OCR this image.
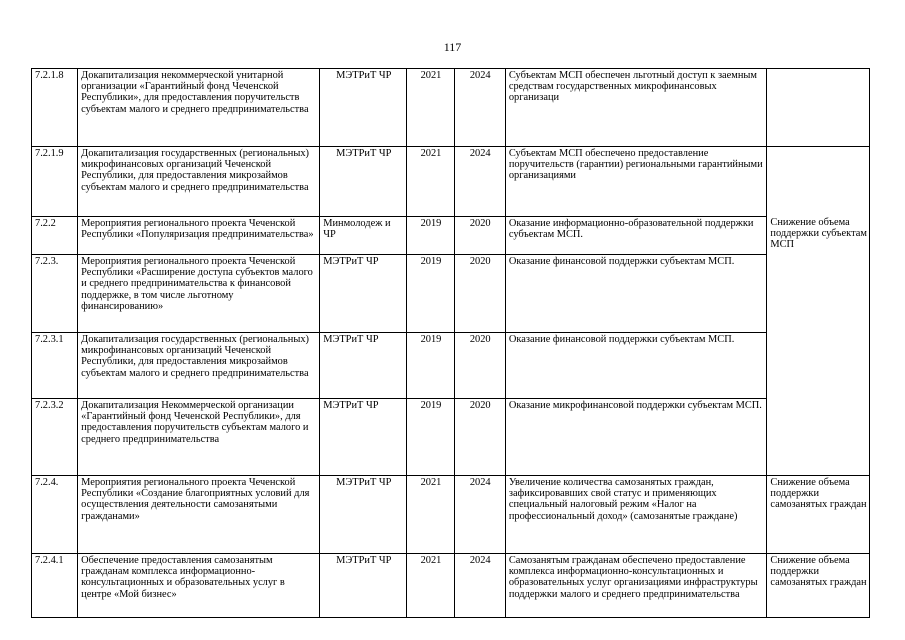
117
7.2.1.8	Докапитализация некоммерческой унитарной организации «Гарантийный фонд Чеченской Республики», для предоставления поручительств субъектам малого и среднего предпринимательства	МЭТРиТ ЧР	2021	2024	Субъектам МСП обеспечен льготный доступ к заемным средствам государственных микрофинансовых организаци	
7.2.1.9	Докапитализация государственных (региональных) микрофинансовых организаций Чеченской Республики, для предоставления микрозаймов субъектам малого и среднего предпринимательства	МЭТРиТ ЧР	2021	2024	Субъектам МСП обеспечено предоставление поручительств (гарантии) региональными гарантийными организациями	Снижение объема поддержки субъектам МСП
7.2.2	Мероприятия регионального проекта Чеченской Республики «Популяризация предпринимательства»	Минмолодеж и ЧР	2019	2020	Оказание информационно-образовательной поддержки субъектам МСП.	
7.2.3.	Мероприятия регионального проекта Чеченской Республики «Расширение доступа субъектов малого и среднего предпринимательства к финансовой поддержке, в том числе льготному финансированию»	МЭТРиТ ЧР	2019	2020	Оказание финансовой поддержки субъектам МСП.	
7.2.3.1	Докапитализация государственных (региональных) микрофинансовых организаций Чеченской Республики, для предоставления микрозаймов субъектам малого и среднего предпринимательства	МЭТРиТ ЧР	2019	2020	Оказание финансовой поддержки субъектам МСП.	
7.2.3.2	Докапитализация Некоммерческой организации «Гарантийный фонд Чеченской Республики», для предоставления поручительств субъектам малого и среднего предпринимательства	МЭТРиТ ЧР	2019	2020	Оказание микрофинансовой поддержки субъектам МСП.	
7.2.4.	Мероприятия регионального проекта Чеченской Республики «Создание благоприятных условий для осуществления деятельности самозанятыми гражданами»	МЭТРиТ ЧР	2021	2024	Увеличение количества самозанятых граждан, зафиксировавших свой статус и применяющих специальный налоговый режим «Налог на профессиональный доход» (самозанятые граждане)	Снижение объема поддержки самозанятых граждан
7.2.4.1	Обеспечение предоставления самозанятым гражданам комплекса информационно-консультационных и образовательных услуг в центре «Мой бизнес»	МЭТРиТ ЧР	2021	2024	Самозанятым гражданам обеспечено предоставление комплекса информационно-консультационных и образовательных услуг организациями инфраструктуры поддержки малого и среднего предпринимательства	Снижение объема поддержки самозанятых граждан
